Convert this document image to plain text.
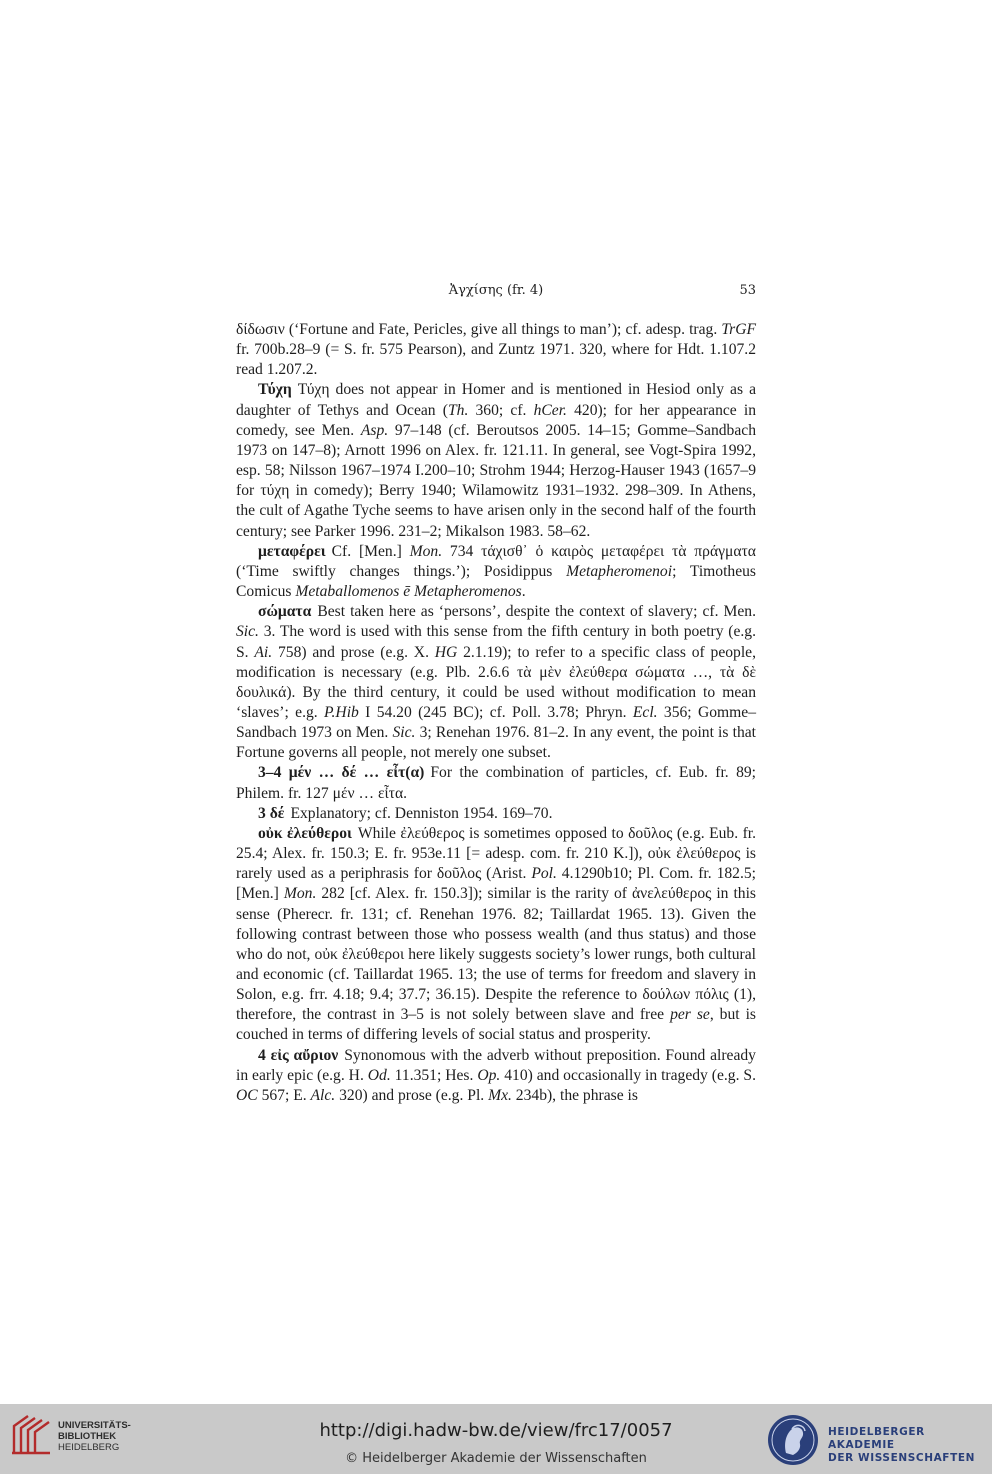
Ἀγχίσης (fr. 4)	53

δίδωσιν (‘Fortune and Fate, Pericles, give all things to man’); cf. adesp. trag. TrGF fr. 700b.28–9 (= S. fr. 575 Pearson), and Zuntz 1971. 320, where for Hdt. 1.107.2 read 1.207.2.

Τύχη Τύχη does not appear in Homer and is mentioned in Hesiod only as a daughter of Tethys and Ocean (Th. 360; cf. hCer. 420); for her appearance in comedy, see Men. Asp. 97–148 (cf. Beroutsos 2005. 14–15; Gomme–Sandbach 1973 on 147–8); Arnott 1996 on Alex. fr. 121.11. In general, see Vogt-Spira 1992, esp. 58; Nilsson 1967–1974 I.200–10; Strohm 1944; Herzog-Hauser 1943 (1657–9 for τύχη in comedy); Berry 1940; Wilamowitz 1931–1932. 298–309. In Athens, the cult of Agathe Tyche seems to have arisen only in the second half of the fourth century; see Parker 1996. 231–2; Mikalson 1983. 58–62.

μεταφέρει Cf. [Men.] Mon. 734 τάχισθ᾽ ὁ καιρὸς μεταφέρει τὰ πράγματα (‘Time swiftly changes things.’); Posidippus Metapheromenoi; Timotheus Comicus Metaballomenos ē Metapheromenos.

σώματα Best taken here as ‘persons’, despite the context of slavery; cf. Men. Sic. 3. The word is used with this sense from the fifth century in both poetry (e.g. S. Ai. 758) and prose (e.g. X. HG 2.1.19); to refer to a specific class of people, modification is necessary (e.g. Plb. 2.6.6 τὰ μὲν ἐλεύθερα σώματα …, τὰ δὲ δουλικά). By the third century, it could be used without modification to mean ‘slaves’; e.g. P.Hib I 54.20 (245 BC); cf. Poll. 3.78; Phryn. Ecl. 356; Gomme–Sandbach 1973 on Men. Sic. 3; Renehan 1976. 81–2. In any event, the point is that Fortune governs all people, not merely one subset.

3–4 μέν … δέ … εἶτ(α) For the combination of particles, cf. Eub. fr. 89; Philem. fr. 127 μέν … εἶτα.

3 δέ Explanatory; cf. Denniston 1954. 169–70.

οὐκ ἐλεύθεροι While ἐλεύθερος is sometimes opposed to δοῦλος (e.g. Eub. fr. 25.4; Alex. fr. 150.3; E. fr. 953e.11 [= adesp. com. fr. 210 K.]), οὐκ ἐλεύθερος is rarely used as a periphrasis for δοῦλος (Arist. Pol. 4.1290b10; Pl. Com. fr. 182.5; [Men.] Mon. 282 [cf. Alex. fr. 150.3]); similar is the rarity of ἀνελεύθερος in this sense (Pherecr. fr. 131; cf. Renehan 1976. 82; Taillardat 1965. 13). Given the following contrast between those who possess wealth (and thus status) and those who do not, οὐκ ἐλεύθεροι here likely suggests society’s lower rungs, both cultural and economic (cf. Taillardat 1965. 13; the use of terms for freedom and slavery in Solon, e.g. frr. 4.18; 9.4; 37.7; 36.15). Despite the reference to δούλων πόλις (1), therefore, the contrast in 3–5 is not solely between slave and free per se, but is couched in terms of differing levels of social status and prosperity.

4 εἰς αὔριον Synonomous with the adverb without preposition. Found already in early epic (e.g. H. Od. 11.351; Hes. Op. 410) and occasionally in tragedy (e.g. S. OC 567; E. Alc. 320) and prose (e.g. Pl. Mx. 234b), the phrase is

UNIVERSITÄTS-
BIBLIOTHEK
HEIDELBERG
http://digi.hadw-bw.de/view/frc17/0057
© Heidelberger Akademie der Wissenschaften
HEIDELBERGER AKADEMIE
DER WISSENSCHAFTEN
